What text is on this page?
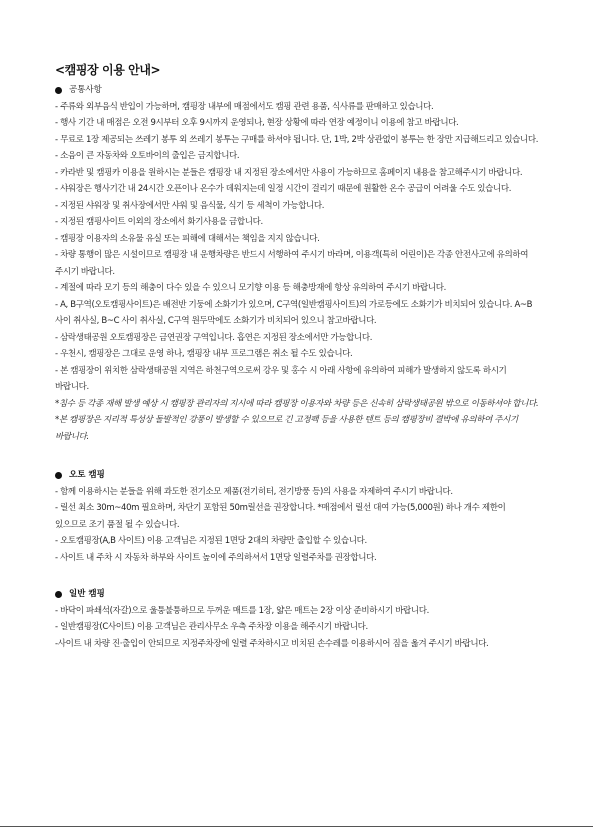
<캠핑장 이용 안내>
공통사항
- 주류와 외부음식 반입이 가능하며, 캠핑장 내부에 매점에서도 캠핑 관련 용품, 식사류를 판매하고 있습니다.
- 행사 기간 내 매점은 오전 9시부터 오후 9시까지 운영되나, 현장 상황에 따라 연장 예정이니 이용에 참고 바랍니다.
- 무료로 1장 제공되는 쓰레기 봉투 외 쓰레기 봉투는 구매를 하셔야 됩니다. 단, 1박, 2박 상관없이 봉투는 한 장만 지급해드리고 있습니다.
- 소음이 큰 자동차와 오토바이의 출입은 금지합니다.
- 카라반 및 캠핑카 이용을 원하시는 분들은 캠핑장 내 지정된 장소에서만 사용이 가능하므로 홈페이지 내용을 참고해주시기 바랍니다.
- 샤워장은 행사기간 내 24시간 오픈이나 온수가 데워지는데 일정 시간이 걸리기 때문에 원활한 온수 공급이 어려울 수도 있습니다.
- 지정된 샤워장 및 취사장에서만 샤워 및 음식물, 식기 등 세척이 가능합니다.
- 지정된 캠핑사이트 이외의 장소에서 화기사용을 금합니다.
- 캠핑장 이용자의 소유물 유실 또는 피해에 대해서는 책임을 지지 않습니다.
- 차량 통행이 많은 시설이므로 캠핑장 내 운행차량은 반드시 서행하여 주시기 바라며, 이용객(특히 어린이)은 각종 안전사고에 유의하여 주시기 바랍니다.
- 계절에 따라 모기 등의 해충이 다수 있을 수 있으니 모기향 이용 등 해충방재에 항상 유의하여 주시기 바랍니다.
- A, B구역(오토캠핑사이트)은 배전반 기둥에 소화기가 있으며, C구역(일반캠핑사이트)의 가로등에도 소화기가 비치되어 있습니다. A~B 사이 취사실, B~C 사이 취사실, C구역 원두막에도 소화기가 비치되어 있으니 참고바랍니다.
- 삼락생태공원 오토캠핑장은 금연권장 구역입니다. 흡연은 지정된 장소에서만 가능합니다.
- 우천시, 캠핑장은 그대로 운영 하나, 캠핑장 내부 프로그램은 취소 될 수도 있습니다.
- 본 캠핑장이 위치한 삼락생태공원 지역은 하천구역으로써 강우 및 홍수 시 아래 사항에 유의하여 피해가 발생하지 않도록 하시기 바랍니다.
*침수 등 각종 재해 발생 예상 시 캠핑장 관리자의 지시에 따라 캠핑장 이용자와 차량 등은 신속히 삼락생태공원 밖으로 이동하셔야 합니다.
*본 캠핑장은 지리적 특성상 돌발적인 강풍이 발생할 수 있으므로 긴 고정팩 등을 사용한 텐트 등의 캠핑장비 결박에 유의하여 주시기 바랍니다.
오토 캠핑
- 함께 이용하시는 분들을 위해 과도한 전기소모 제품(전기히터, 전기방풍 등)의 사용을 자제하여 주시기 바랍니다.
- 릴선 최소 30m~40m 필요하며, 차단기 포함된 50m릴선을 권장합니다. *매점에서 릴선 대여 가능(5,000원) 하나 개수 제한이 있으므로 조기 품절 될 수 있습니다.
- 오토캠핑장(A,B 사이트) 이용 고객님은 지정된 1면당 2대의 차량만 출입할 수 있습니다.
- 사이트 내 주차 시 자동차 하부와 사이트 높이에 주의하셔서 1면당 일렬주차를 권장합니다.
일반 캠핑
- 바닥이 파쇄석(자갈)으로 울퉁불퉁하므로 두꺼운 매트를 1장, 얇은 매트는 2장 이상 준비하시기 바랍니다.
- 일반캠핑장(C사이트) 이용 고객님은 관리사무소 우측 주차장 이용을 해주시기 바랍니다.
-사이트 내 차량 진·출입이 안되므로 지정주차장에 일렬 주차하시고 비치된 손수레를 이용하시어 짐을 옮겨 주시기 바랍니다.
